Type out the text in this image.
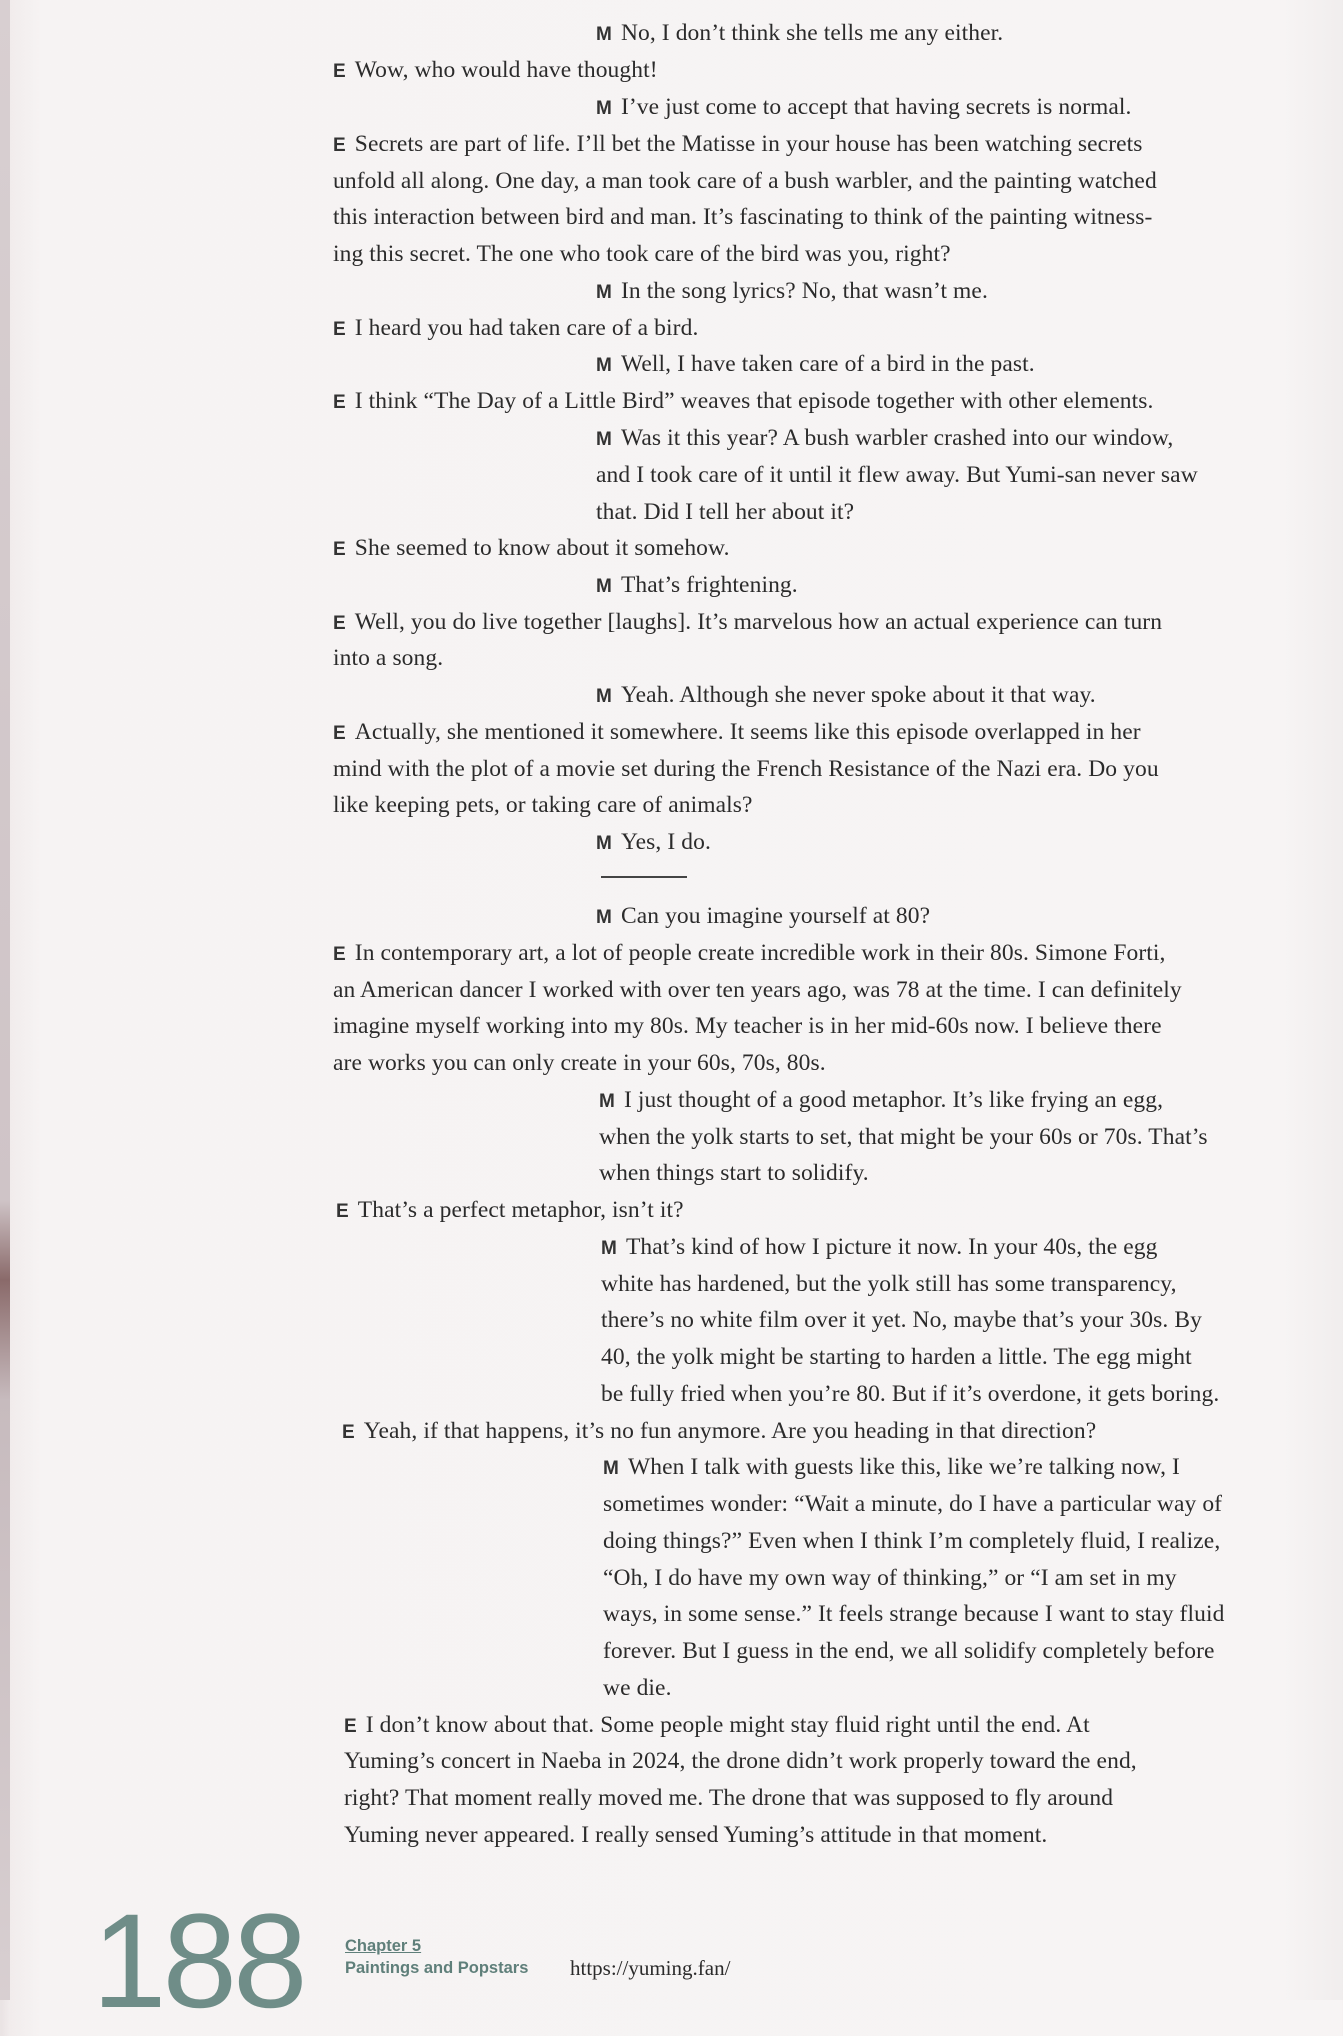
M No, I don’t think she tells me any either.
E Wow, who would have thought!
M I’ve just come to accept that having secrets is normal.
E Secrets are part of life. I’ll bet the Matisse in your house has been watching secrets
unfold all along. One day, a man took care of a bush warbler, and the painting watched
this interaction between bird and man. It’s fascinating to think of the painting witness-
ing this secret. The one who took care of the bird was you, right?
M In the song lyrics? No, that wasn’t me.
E I heard you had taken care of a bird.
M Well, I have taken care of a bird in the past.
E I think “The Day of a Little Bird” weaves that episode together with other elements.
M Was it this year? A bush warbler crashed into our window,
and I took care of it until it flew away. But Yumi-san never saw
that. Did I tell her about it?
E She seemed to know about it somehow.
M That’s frightening.
E Well, you do live together [laughs]. It’s marvelous how an actual experience can turn
into a song.
M Yeah. Although she never spoke about it that way.
E Actually, she mentioned it somewhere. It seems like this episode overlapped in her
mind with the plot of a movie set during the French Resistance of the Nazi era. Do you
like keeping pets, or taking care of animals?
M Yes, I do.
M Can you imagine yourself at 80?
E In contemporary art, a lot of people create incredible work in their 80s. Simone Forti,
an American dancer I worked with over ten years ago, was 78 at the time. I can definitely
imagine myself working into my 80s. My teacher is in her mid-60s now. I believe there
are works you can only create in your 60s, 70s, 80s.
M I just thought of a good metaphor. It’s like frying an egg,
when the yolk starts to set, that might be your 60s or 70s. That’s
when things start to solidify.
E That’s a perfect metaphor, isn’t it?
M That’s kind of how I picture it now. In your 40s, the egg
white has hardened, but the yolk still has some transparency,
there’s no white film over it yet. No, maybe that’s your 30s. By
40, the yolk might be starting to harden a little. The egg might
be fully fried when you’re 80. But if it’s overdone, it gets boring.
E Yeah, if that happens, it’s no fun anymore. Are you heading in that direction?
M When I talk with guests like this, like we’re talking now, I
sometimes wonder: “Wait a minute, do I have a particular way of
doing things?” Even when I think I’m completely fluid, I realize,
“Oh, I do have my own way of thinking,” or “I am set in my
ways, in some sense.” It feels strange because I want to stay fluid
forever. But I guess in the end, we all solidify completely before
we die.
E I don’t know about that. Some people might stay fluid right until the end. At
Yuming’s concert in Naeba in 2024, the drone didn’t work properly toward the end,
right? That moment really moved me. The drone that was supposed to fly around
Yuming never appeared. I really sensed Yuming’s attitude in that moment.
188	Chapter 5
Paintings and Popstars https://yuming.fan/
